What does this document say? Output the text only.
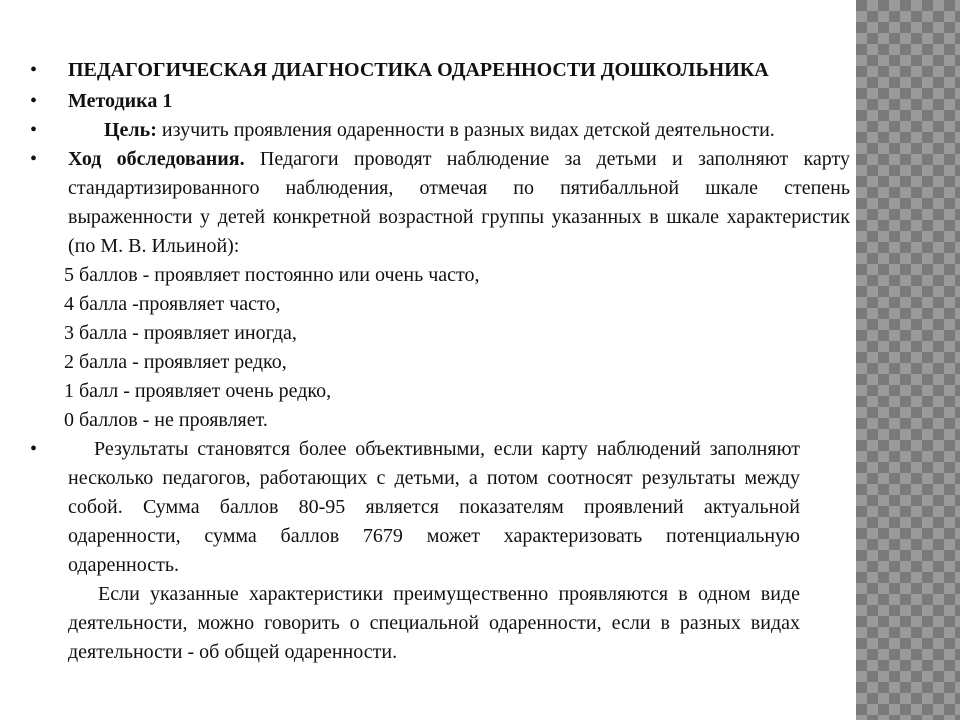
•	ПЕДАГОГИЧЕСКАЯ ДИАГНОСТИКА ОДАРЕННОСТИ ДОШКОЛЬНИКА
•	Методика 1
•	Цель: изучить проявления одаренности в разных видах детской деятельности.
•	Ход обследования. Педагоги проводят наблюдение за детьми и заполняют карту стандартизированного наблюдения, отмечая по пятибалльной шкале степень выраженности у детей конкретной возрастной группы указанных в шкале характеристик (по М. В. Ильиной):
5 баллов - проявляет постоянно или очень часто,
4 балла -проявляет часто,
3 балла - проявляет иногда,
2 балла - проявляет редко,
1 балл - проявляет очень редко,
0 баллов - не проявляет.
•	Результаты становятся более объективными, если карту наблюдений заполняют несколько педагогов, работающих с детьми, а потом соотносят результаты между собой. Сумма баллов 80-95 является показателям проявлений актуальной одаренности, сумма баллов 7679 может характеризовать потенциальную одаренность.
Если указанные характеристики преимущественно проявляются в одном виде деятельности, можно говорить о специальной одаренности, если в разных видах деятельности - об общей одаренности.
